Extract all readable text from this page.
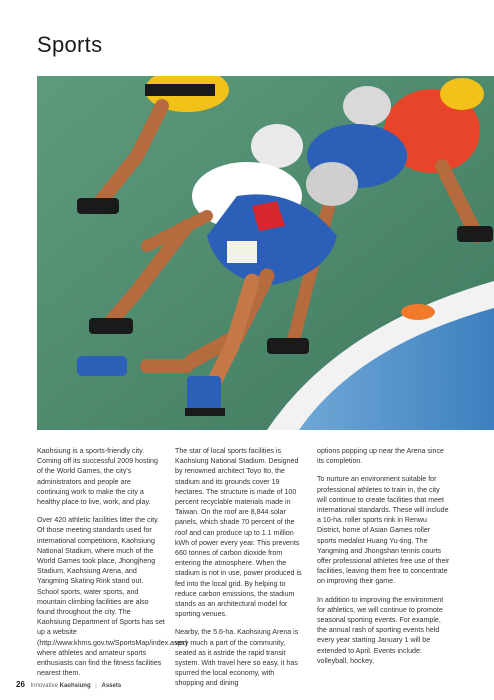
Sports

Kaohsiung is a sports-friendly city. Coming off its successful 2009 hosting of the World Games, the city's administrators and people are continuing work to make the city a healthy place to live, work, and play.

Over 420 athletic facilities litter the city. Of those meeting standards used for international competitions, Kaohsiung National Stadium, where much of the World Games took place, Jhongjheng Stadium, Kaohsiung Arena, and Yangming Skating Rink stand out. School sports, water sports, and mountain climbing facilities are also found throughout the city. The Kaohsiung Department of Sports has set up a website (http://www.khms.gov.tw/SportsMap/index.aspx) where athletes and amateur sports enthusiasts can find the fitness facilities nearest them.

The star of local sports facilities is Kaohsiung National Stadium. Designed by renowned architect Toyo Ito, the stadium and its grounds cover 19 hectares. The structure is made of 100 percent recyclable materials made in Taiwan. On the roof are 8,844 solar panels, which shade 70 percent of the roof and can produce up to 1.1 million kWh of power every year. This prevents 660 tonnes of carbon dioxide from entering the atmosphere. When the stadium is not in use, power produced is fed into the local grid. By helping to reduce carbon emissions, the stadium stands as an architectural model for sporting venues.

Nearby, the 5.6-ha. Kaohsiung Arena is very much a part of the community, seated as it astride the rapid transit system. With travel here so easy, it has spurred the local economy, with shopping and dining

options popping up near the Arena since its completion.

To nurture an environment suitable for professional athletes to train in, the city will continue to create facilities that meet international standards. These will include a 10-ha. roller sports rink in Renwu District, home of Asian Games roller sports medalist Huang Yu-ting. The Yangming and Jhongshan tennis courts offer professional athletes free use of their facilities, leaving them free to concentrate on improving their game.

In addition to improving the environment for athletics, we will continue to promote seasonal sporting events. For example, the annual rash of sporting events held every year starting January 1 will be extended to April. Events include: volleyball, hockey,

26 Innovative Kaohsiung | Assets
